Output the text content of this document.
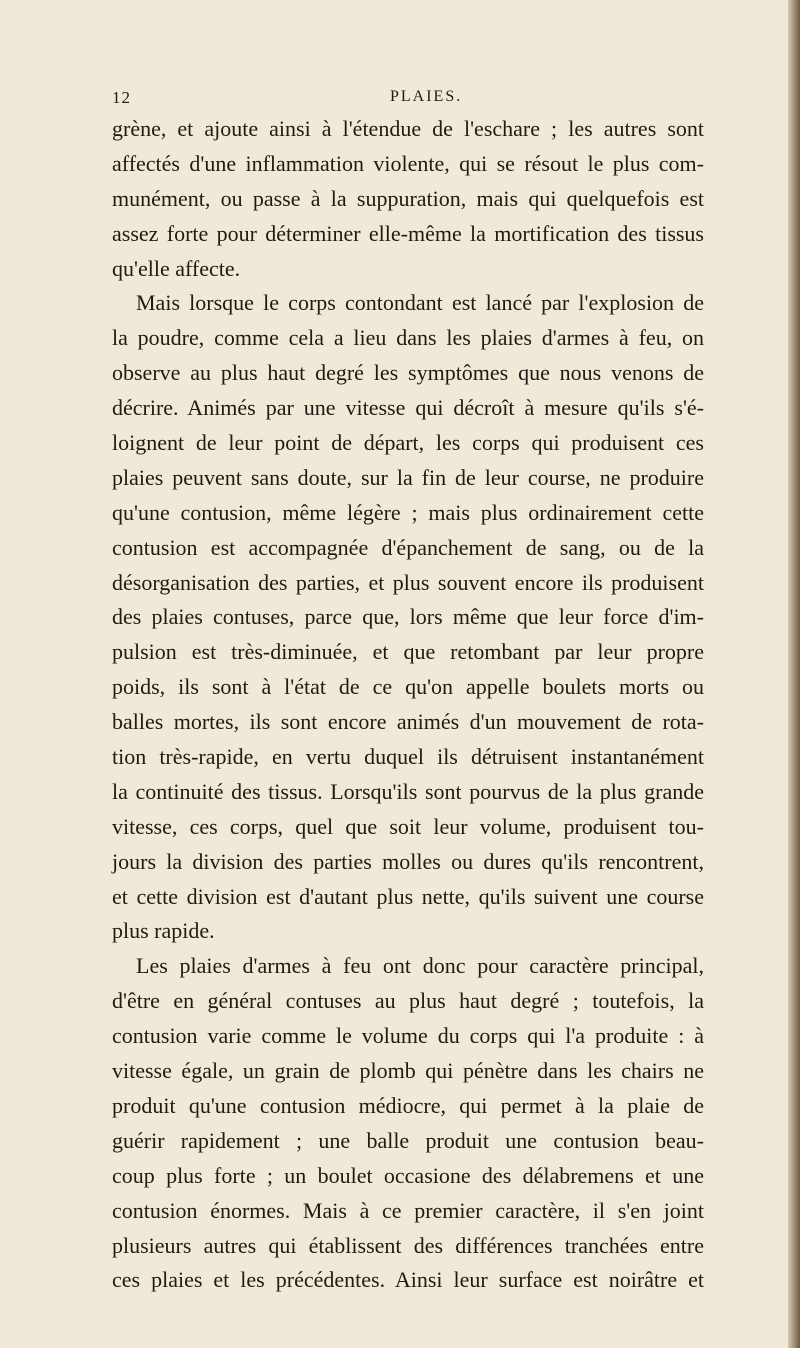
12	PLAIES.
grène, et ajoute ainsi à l'étendue de l'eschare ; les autres sont
affectés d'une inflammation violente, qui se résout le plus com-
munément, ou passe à la suppuration, mais qui quelquefois est
assez forte pour déterminer elle-même la mortification des tissus
qu'elle affecte.
Mais lorsque le corps contondant est lancé par l'explosion de
la poudre, comme cela a lieu dans les plaies d'armes à feu, on
observe au plus haut degré les symptômes que nous venons de
décrire. Animés par une vitesse qui décroît à mesure qu'ils s'é-
loignent de leur point de départ, les corps qui produisent ces
plaies peuvent sans doute, sur la fin de leur course, ne produire
qu'une contusion, même légère ; mais plus ordinairement cette
contusion est accompagnée d'épanchement de sang, ou de la
désorganisation des parties, et plus souvent encore ils produisent
des plaies contuses, parce que, lors même que leur force d'im-
pulsion est très-diminuée, et que retombant par leur propre
poids, ils sont à l'état de ce qu'on appelle boulets morts ou
balles mortes, ils sont encore animés d'un mouvement de rota-
tion très-rapide, en vertu duquel ils détruisent instantanément
la continuité des tissus. Lorsqu'ils sont pourvus de la plus grande
vitesse, ces corps, quel que soit leur volume, produisent tou-
jours la division des parties molles ou dures qu'ils rencontrent,
et cette division est d'autant plus nette, qu'ils suivent une course
plus rapide.
Les plaies d'armes à feu ont donc pour caractère principal,
d'être en général contuses au plus haut degré ; toutefois, la
contusion varie comme le volume du corps qui l'a produite : à
vitesse égale, un grain de plomb qui pénètre dans les chairs ne
produit qu'une contusion médiocre, qui permet à la plaie de
guérir rapidement ; une balle produit une contusion beau-
coup plus forte ; un boulet occasione des délabremens et une
contusion énormes. Mais à ce premier caractère, il s'en joint
plusieurs autres qui établissent des différences tranchées entre
ces plaies et les précédentes. Ainsi leur surface est noirâtre et
